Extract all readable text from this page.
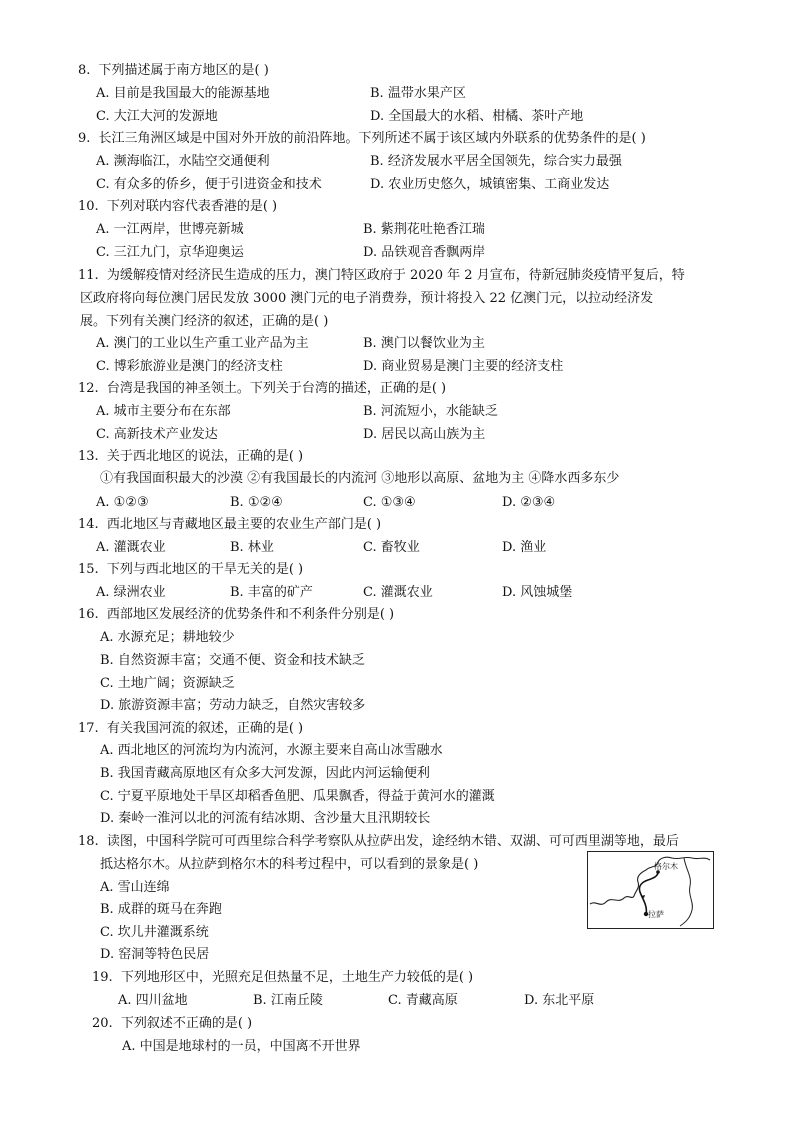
8. 下列描述属于南方地区的是( )
A. 目前是我国最大的能源基地	B. 温带水果产区
C. 大江大河的发源地	D. 全国最大的水稻、柑橘、茶叶产地
9. 长江三角洲区域是中国对外开放的前沿阵地。下列所述不属于该区域内外联系的优势条件的是( )
A. 濒海临江，水陆空交通便利	B. 经济发展水平居全国领先，综合实力最强
C. 有众多的侨乡，便于引进资金和技术	D. 农业历史悠久，城镇密集、工商业发达
10. 下列对联内容代表香港的是( )
A. 一江两岸，世博亮新城	B. 紫荆花吐艳香江瑞
C. 三江九门，京华迎奥运	D. 品铁观音香飘两岸
11. 为缓解疫情对经济民生造成的压力，澳门特区政府于 2020 年 2 月宣布，待新冠肺炎疫情平复后，特
区政府将向每位澳门居民发放 3000 澳门元的电子消费券，预计将投入 22 亿澳门元，以拉动经济发
展。下列有关澳门经济的叙述，正确的是( )
A. 澳门的工业以生产重工业产品为主	B. 澳门以餐饮业为主
C. 博彩旅游业是澳门的经济支柱	D. 商业贸易是澳门主要的经济支柱
12. 台湾是我国的神圣领土。下列关于台湾的描述，正确的是( )
A. 城市主要分布在东部	B. 河流短小，水能缺乏
C. 高新技术产业发达	D. 居民以高山族为主
13. 关于西北地区的说法，正确的是( )
①有我国面积最大的沙漠 ②有我国最长的内流河 ③地形以高原、盆地为主 ④降水西多东少
A. ①②③	B. ①②④	C. ①③④	D. ②③④
14. 西北地区与青藏地区最主要的农业生产部门是( )
A. 灌溉农业	B. 林业	C. 畜牧业	D. 渔业
15. 下列与西北地区的干旱无关的是( )
A. 绿洲农业	B. 丰富的矿产	C. 灌溉农业	D. 风蚀城堡
16. 西部地区发展经济的优势条件和不利条件分别是( )
A. 水源充足；耕地较少
B. 自然资源丰富；交通不便、资金和技术缺乏
C. 土地广阔；资源缺乏
D. 旅游资源丰富；劳动力缺乏，自然灾害较多
17. 有关我国河流的叙述，正确的是( )
A. 西北地区的河流均为内流河，水源主要来自高山冰雪融水
B. 我国青藏高原地区有众多大河发源，因此内河运输便利
C. 宁夏平原地处干旱区却稻香鱼肥、瓜果飘香，得益于黄河水的灌溉
D. 秦岭一淮河以北的河流有结冰期、含沙量大且汛期较长
18. 读图，中国科学院可可西里综合科学考察队从拉萨出发，途经纳木错、双湖、可可西里湖等地，最后
抵达格尔木。从拉萨到格尔木的科考过程中，可以看到的景象是( )
A. 雪山连绵
B. 成群的斑马在奔跑
C. 坎儿井灌溉系统
D. 窑洞等特色民居
格尔木
拉萨
19. 下列地形区中，光照充足但热量不足，土地生产力较低的是( )
A. 四川盆地	B. 江南丘陵	C. 青藏高原	D. 东北平原
20. 下列叙述不正确的是( )
A. 中国是地球村的一员，中国离不开世界
